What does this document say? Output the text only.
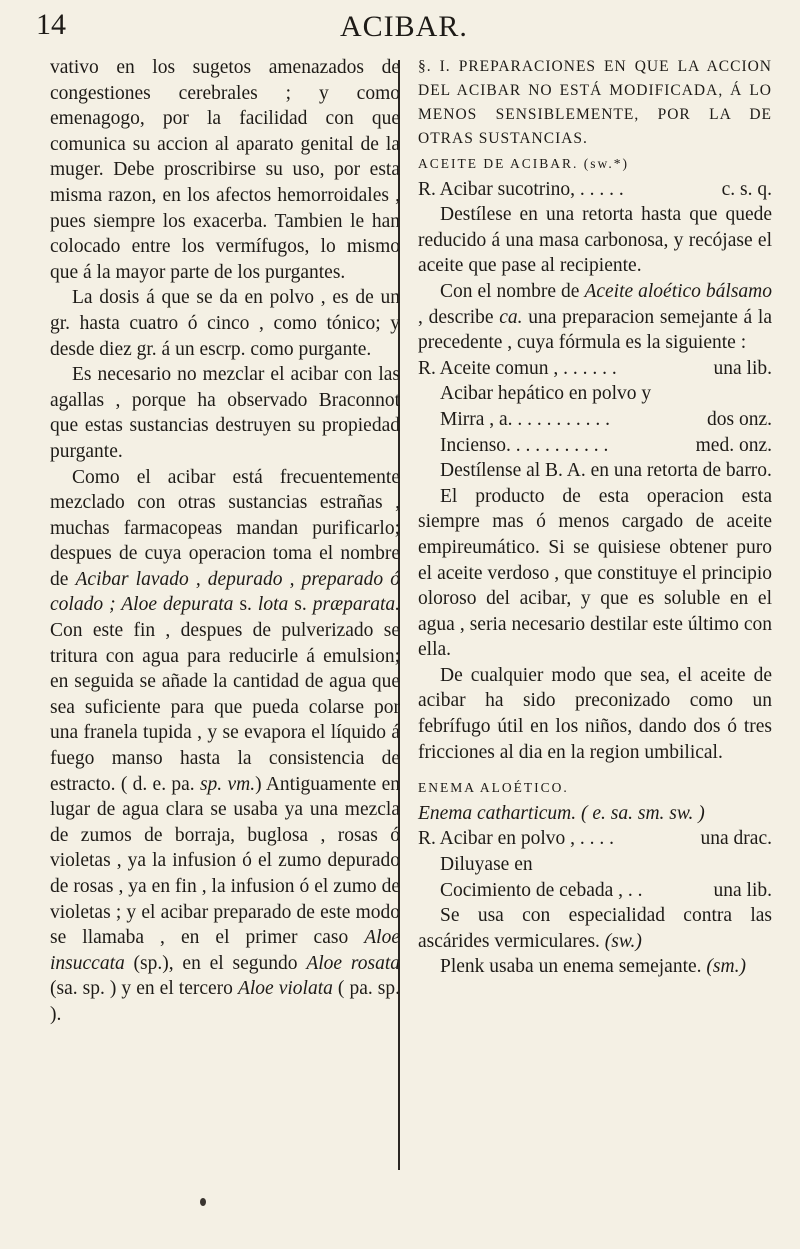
14	ACIBAR.

vativo en los sugetos amenazados de congestiones cerebrales ; y como emenagogo, por la facilidad con que comunica su accion al aparato genital de la muger. Debe proscribirse su uso, por esta misma razon, en los afectos hemorroidales , pues siempre los exacerba. Tambien le han colocado entre los vermífugos, lo mismo que á la mayor parte de los purgantes.

La dosis á que se da en polvo , es de un gr. hasta cuatro ó cinco , como tónico; y desde diez gr. á un escrp. como purgante.

Es necesario no mezclar el acibar con las agallas , porque ha observado Braconnot que estas sustancias destruyen su propiedad purgante.

Como el acibar está frecuentemente mezclado con otras sustancias estrañas , muchas farmacopeas mandan purificarlo; despues de cuya operacion toma el nombre de Acibar lavado , depurado , preparado ó colado ; Aloe depurata s. lota s. præparata. Con este fin , despues de pulverizado se tritura con agua para reducirle á emulsion; en seguida se añade la cantidad de agua que sea suficiente para que pueda colarse por una franela tupida , y se evapora el líquido á fuego manso hasta la consistencia de estracto. ( d. e. pa. sp. vm.) Antiguamente en lugar de agua clara se usaba ya una mezcla de zumos de borraja, buglosa , rosas ó violetas , ya la infusion ó el zumo depurado de rosas , ya en fin , la infusion ó el zumo de violetas ; y el acibar preparado de este modo se llamaba , en el primer caso Aloe insuccata (sp.), en el segundo Aloe rosata (sa. sp. ) y en el tercero Aloe violata ( pa. sp. ).

§. I. PREPARACIONES EN QUE LA ACCION DEL ACIBAR NO ESTÁ MODIFICADA, Á LO MENOS SENSIBLEMENTE, POR LA DE OTRAS SUSTANCIAS.

ACEITE DE ACIBAR. (sw.*)

R. Acibar sucotrino, . . . . .	c. s. q.

Destílese en una retorta hasta que quede reducido á una masa carbonosa, y recójase el aceite que pase al recipiente.

Con el nombre de Aceite aloético bálsamo , describe ca. una preparacion semejante á la precedente , cuya fórmula es la siguiente :

R. Aceite comun , . . . . . .	una lib.
Acibar hepático en polvo y
Mirra , a. . . . . . . . . . .	dos onz.
Incienso. . . . . . . . . . .	med. onz.

Destílense al B. A. en una retorta de barro.

El producto de esta operacion esta siempre mas ó menos cargado de aceite empireumático. Si se quisiese obtener puro el aceite verdoso , que constituye el principio oloroso del acibar, y que es soluble en el agua , seria necesario destilar este último con ella.

De cualquier modo que sea, el aceite de acibar ha sido preconizado como un febrífugo útil en los niños, dando dos ó tres fricciones al dia en la region umbilical.

ENEMA ALOÉTICO.

Enema catharticum. ( e. sa. sm. sw. )

R. Acibar en polvo , . . . .	una drac.
Diluyase en
Cocimiento de cebada , . .	una lib.

Se usa con especialidad contra las ascárides vermiculares. (sw.)

Plenk usaba un enema semejante. (sm.)
